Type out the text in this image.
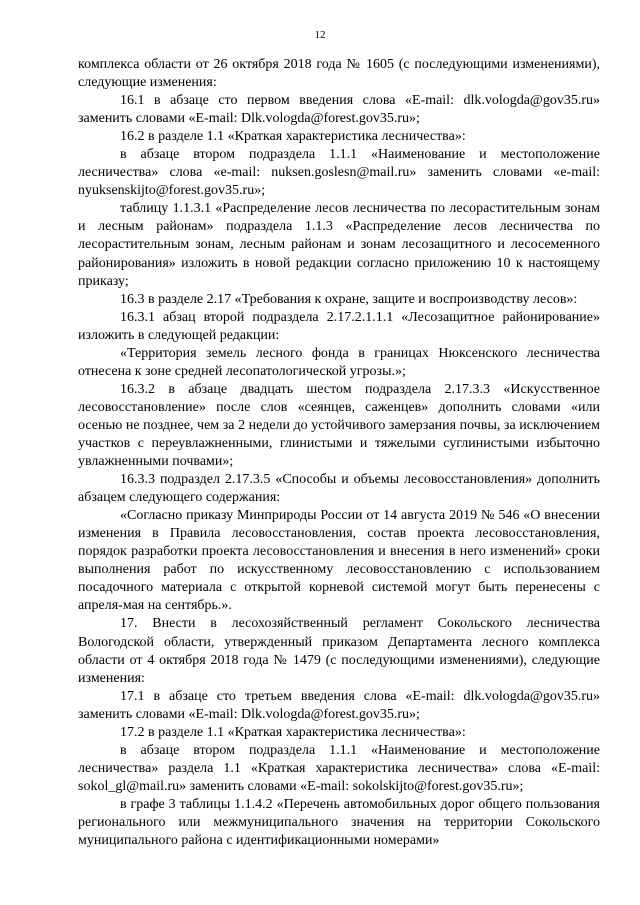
12

комплекса области от 26 октября 2018 года № 1605 (с последующими изменениями), следующие изменения:

16.1 в абзаце сто первом введения слова «E-mail: dlk.vologda@gov35.ru» заменить словами «E-mail: Dlk.vologda@forest.gov35.ru»;

16.2 в разделе 1.1 «Краткая характеристика лесничества»:

в абзаце втором подраздела 1.1.1 «Наименование и местоположение лесничества» слова «e-mail: nuksen.goslesn@mail.ru» заменить словами «e-mail: nyuksenskijto@forest.gov35.ru»;

таблицу 1.1.3.1 «Распределение лесов лесничества по лесорастительным зонам и лесным районам» подраздела 1.1.3 «Распределение лесов лесничества по лесорастительным зонам, лесным районам и зонам лесозащитного и лесосеменного районирования» изложить в новой редакции согласно приложению 10 к настоящему приказу;

16.3 в разделе 2.17 «Требования к охране, защите и воспроизводству лесов»:

16.3.1 абзац второй подраздела 2.17.2.1.1.1 «Лесозащитное районирование» изложить в следующей редакции:

«Территория земель лесного фонда в границах Нюксенского лесничества отнесена к зоне средней лесопатологической угрозы.»;

16.3.2 в абзаце двадцать шестом подраздела 2.17.3.3 «Искусственное лесовосстановление» после слов «сеянцев, саженцев» дополнить словами «или осенью не позднее, чем за 2 недели до устойчивого замерзания почвы, за исключением участков с переувлажненными, глинистыми и тяжелыми суглинистыми избыточно увлажненными почвами»;

16.3.3 подраздел 2.17.3.5 «Способы и объемы лесовосстановления» дополнить абзацем следующего содержания:

«Согласно приказу Минприроды России от 14 августа 2019 № 546 «О внесении изменения в Правила лесовосстановления, состав проекта лесовосстановления, порядок разработки проекта лесовосстановления и внесения в него изменений» сроки выполнения работ по искусственному лесовосстановлению с использованием посадочного материала с открытой корневой системой могут быть перенесены с апреля-мая на сентябрь.».

17. Внести в лесохозяйственный регламент Сокольского лесничества Вологодской области, утвержденный приказом Департамента лесного комплекса области от 4 октября 2018 года № 1479 (с последующими изменениями), следующие изменения:

17.1 в абзаце сто третьем введения слова «E-mail: dlk.vologda@gov35.ru» заменить словами «E-mail: Dlk.vologda@forest.gov35.ru»;

17.2 в разделе 1.1 «Краткая характеристика лесничества»:

в абзаце втором подраздела 1.1.1 «Наименование и местоположение лесничества» раздела 1.1 «Краткая характеристика лесничества» слова «E-mail: sokol_gl@mail.ru» заменить словами «E-mail: sokolskijto@forest.gov35.ru»;

в графе 3 таблицы 1.1.4.2 «Перечень автомобильных дорог общего пользования регионального или межмуниципального значения на территории Сокольского муниципального района с идентификационными номерами»
